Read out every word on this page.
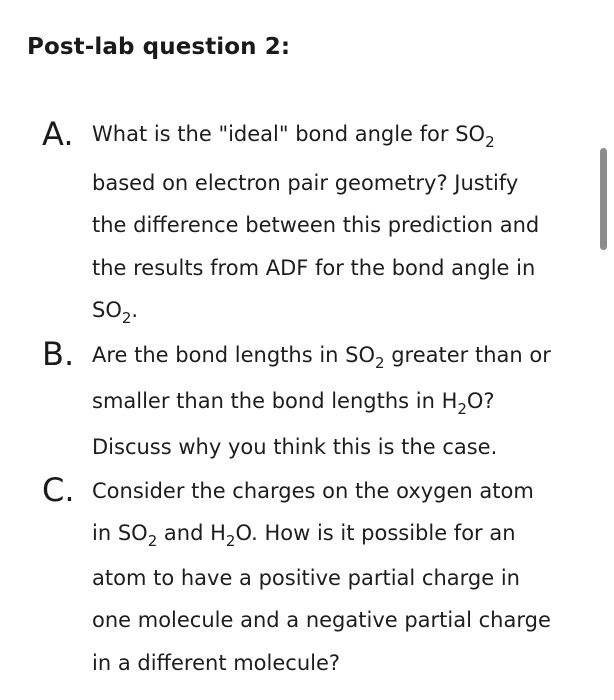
Post-lab question 2:
A. What is the "ideal" bond angle for $SO_2$
based on electron pair geometry? Justify
the difference between this prediction and
the results from ADF for the bond angle in
$SO_2$.
B. Are the bond lengths in $SO_2$ greater than or
smaller than the bond lengths in $H_2O$?
Discuss why you think this is the case.
C. Consider the charges on the oxygen atom
in $SO_2$ and $H_2O$. How is it possible for an
atom to have a positive partial charge in
one molecule and a negative partial charge
in a different molecule?
